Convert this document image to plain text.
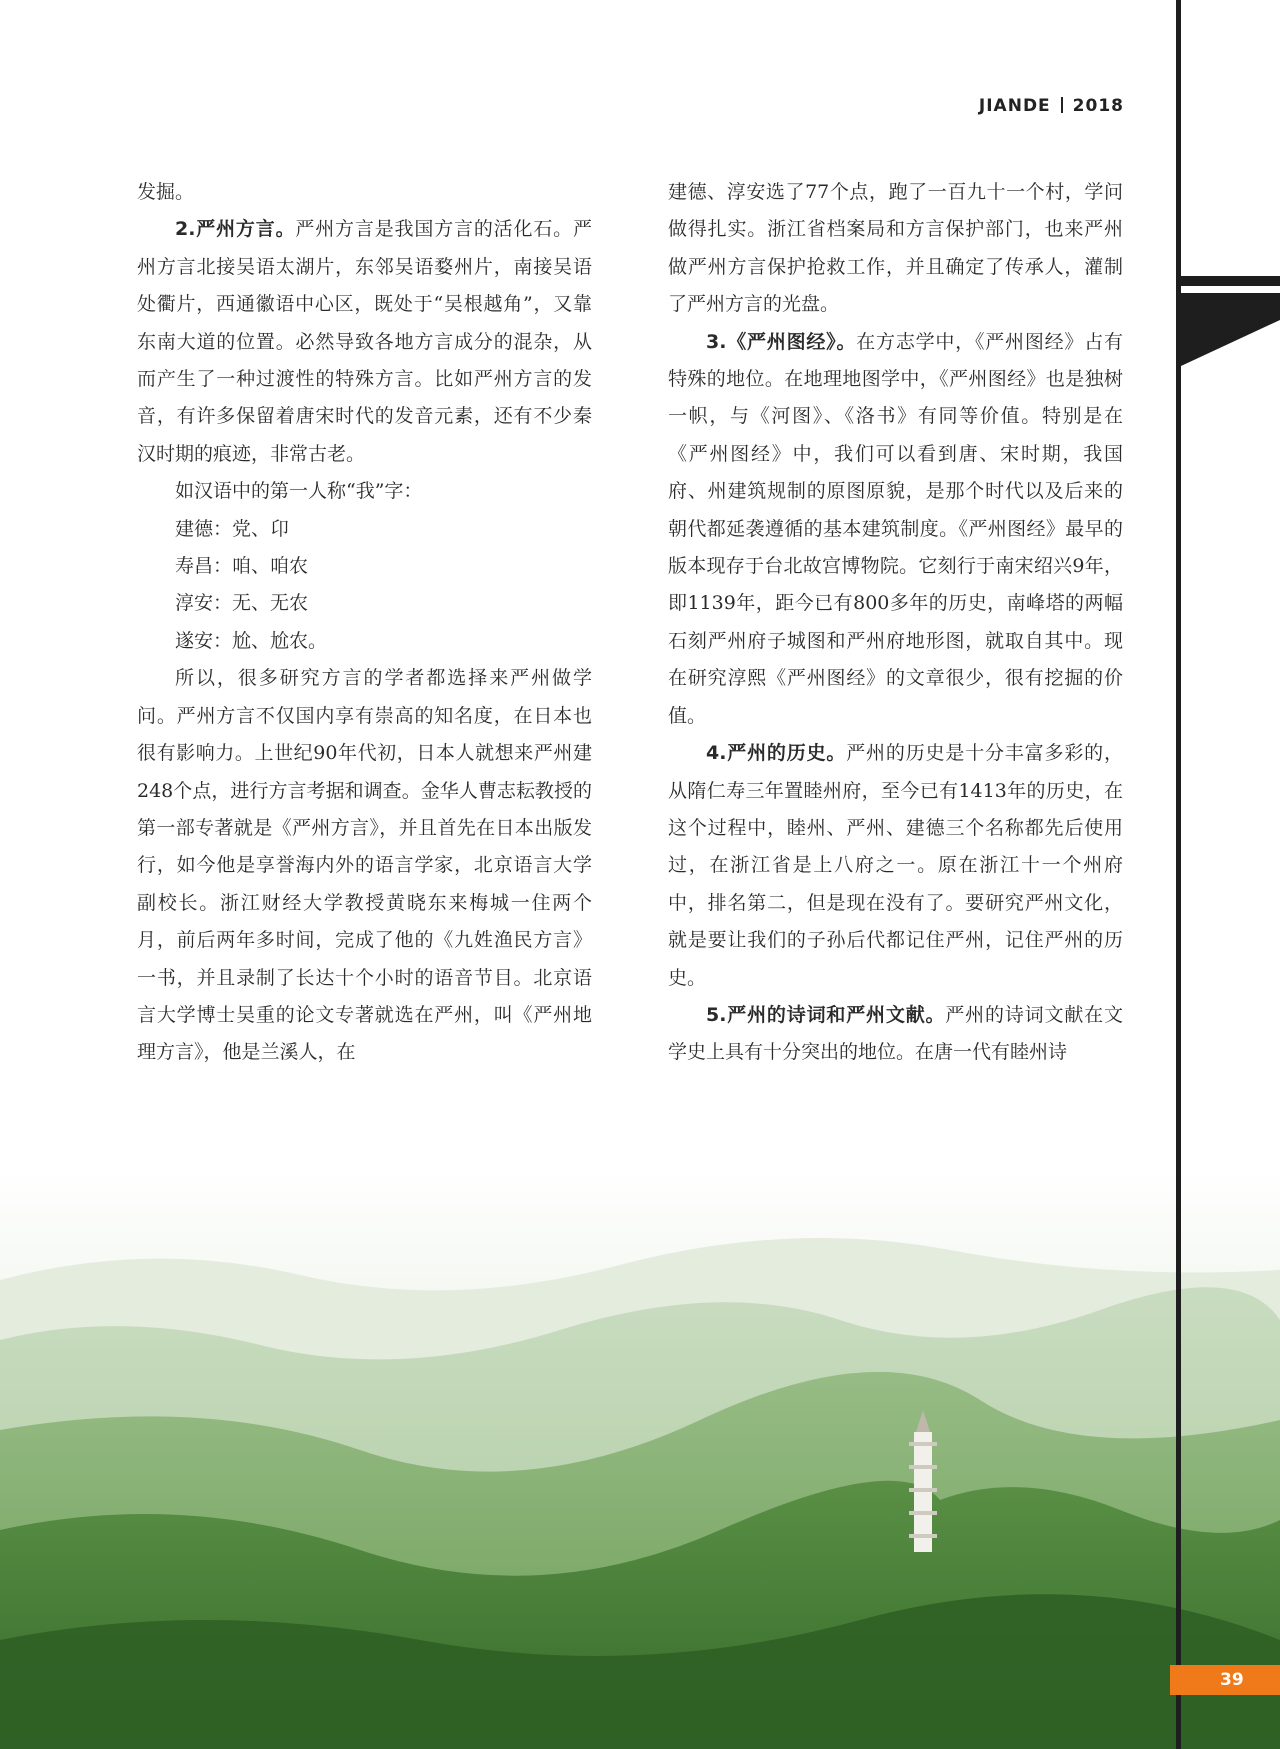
JIANDE 2018

发掘。

2.严州方言。严州方言是我国方言的活化石。严州方言北接吴语太湖片，东邻吴语婺州片，南接吴语处衢片，西通徽语中心区，既处于“吴根越角”，又靠东南大道的位置。必然导致各地方言成分的混杂，从而产生了一种过渡性的特殊方言。比如严州方言的发音，有许多保留着唐宋时代的发音元素，还有不少秦汉时期的痕迹，非常古老。

如汉语中的第一人称“我”字：

建德：党、卬

寿昌：咱、咱农

淳安：无、无农

遂安：尬、尬农。

所以，很多研究方言的学者都选择来严州做学问。严州方言不仅国内享有崇高的知名度，在日本也很有影响力。上世纪90年代初，日本人就想来严州建248个点，进行方言考据和调查。金华人曹志耘教授的第一部专著就是《严州方言》，并且首先在日本出版发行，如今他是享誉海内外的语言学家，北京语言大学副校长。浙江财经大学教授黄晓东来梅城一住两个月，前后两年多时间，完成了他的《九姓渔民方言》一书，并且录制了长达十个小时的语音节目。北京语言大学博士吴重的论文专著就选在严州，叫《严州地理方言》，他是兰溪人，在

建德、淳安选了77个点，跑了一百九十一个村，学问做得扎实。浙江省档案局和方言保护部门，也来严州做严州方言保护抢救工作，并且确定了传承人，灌制了严州方言的光盘。

3.《严州图经》。在方志学中，《严州图经》占有特殊的地位。在地理地图学中，《严州图经》也是独树一帜，与《河图》、《洛书》有同等价值。特别是在《严州图经》中，我们可以看到唐、宋时期，我国府、州建筑规制的原图原貌，是那个时代以及后来的朝代都延袭遵循的基本建筑制度。《严州图经》最早的版本现存于台北故宫博物院。它刻行于南宋绍兴9年，即1139年，距今已有800多年的历史，南峰塔的两幅石刻严州府子城图和严州府地形图，就取自其中。现在研究淳熙《严州图经》的文章很少，很有挖掘的价值。

4.严州的历史。严州的历史是十分丰富多彩的，从隋仁寿三年置睦州府，至今已有1413年的历史，在这个过程中，睦州、严州、建德三个名称都先后使用过，在浙江省是上八府之一。原在浙江十一个州府中，排名第二，但是现在没有了。要研究严州文化，就是要让我们的子孙后代都记住严州，记住严州的历史。

5.严州的诗词和严州文献。严州的诗词文献在文学史上具有十分突出的地位。在唐一代有睦州诗

39
